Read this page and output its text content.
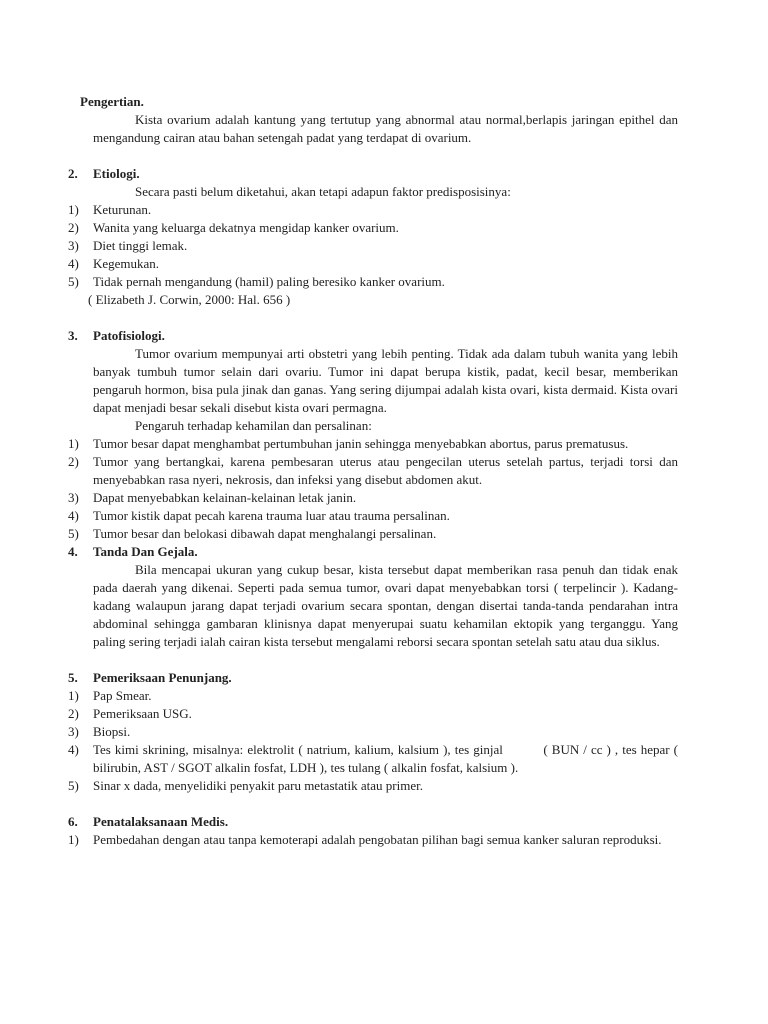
Pengertian.
Kista ovarium adalah kantung yang tertutup yang abnormal atau normal,berlapis jaringan epithel dan mengandung cairan atau bahan setengah padat yang terdapat di ovarium.
2.	Etiologi.
Secara pasti belum diketahui, akan tetapi adapun faktor predisposisinya:
1)	Keturunan.
2)	Wanita yang keluarga dekatnya mengidap kanker ovarium.
3)	Diet tinggi lemak.
4)	Kegemukan.
5)	Tidak pernah mengandung (hamil) paling beresiko kanker ovarium.
( Elizabeth J. Corwin, 2000: Hal. 656 )
3.	Patofisiologi.
Tumor ovarium mempunyai arti obstetri yang lebih penting. Tidak ada dalam tubuh wanita yang lebih banyak tumbuh tumor selain dari ovariu. Tumor ini dapat berupa kistik, padat, kecil besar, memberikan pengaruh hormon, bisa pula jinak dan ganas. Yang sering dijumpai adalah kista ovari, kista dermaid. Kista ovari dapat menjadi besar sekali disebut kista ovari permagna.
Pengaruh terhadap kehamilan dan persalinan:
1)	Tumor besar dapat menghambat pertumbuhan janin sehingga menyebabkan abortus, parus prematusus.
2)	Tumor yang bertangkai, karena pembesaran uterus atau pengecilan uterus setelah partus, terjadi torsi dan menyebabkan rasa nyeri, nekrosis, dan infeksi yang disebut abdomen akut.
3)	Dapat menyebabkan kelainan-kelainan letak janin.
4)	Tumor kistik dapat pecah karena trauma luar atau trauma persalinan.
5)	Tumor besar dan belokasi dibawah dapat menghalangi persalinan.
4.	Tanda Dan Gejala.
Bila mencapai ukuran yang cukup besar, kista tersebut dapat memberikan rasa penuh dan tidak enak pada daerah yang dikenai. Seperti pada semua tumor, ovari dapat menyebabkan torsi ( terpelincir ). Kadang-kadang walaupun jarang dapat terjadi ovarium secara spontan, dengan disertai tanda-tanda pendarahan intra abdominal sehingga gambaran klinisnya dapat menyerupai suatu kehamilan ektopik yang terganggu. Yang paling sering terjadi ialah cairan kista tersebut mengalami reborsi secara spontan setelah satu atau dua siklus.
5.	Pemeriksaan Penunjang.
1)	Pap Smear.
2)	Pemeriksaan USG.
3)	Biopsi.
4)	Tes kimi skrining, misalnya: elektrolit ( natrium, kalium, kalsium ), tes ginjal          ( BUN / cc ) , tes hepar ( bilirubin, AST / SGOT alkalin fosfat, LDH ), tes tulang ( alkalin fosfat, kalsium ).
5)	Sinar x dada, menyelidiki penyakit paru metastatik atau primer.
6.	Penatalaksanaan Medis.
1)	Pembedahan dengan atau tanpa kemoterapi adalah pengobatan pilihan bagi semua kanker saluran reproduksi.
